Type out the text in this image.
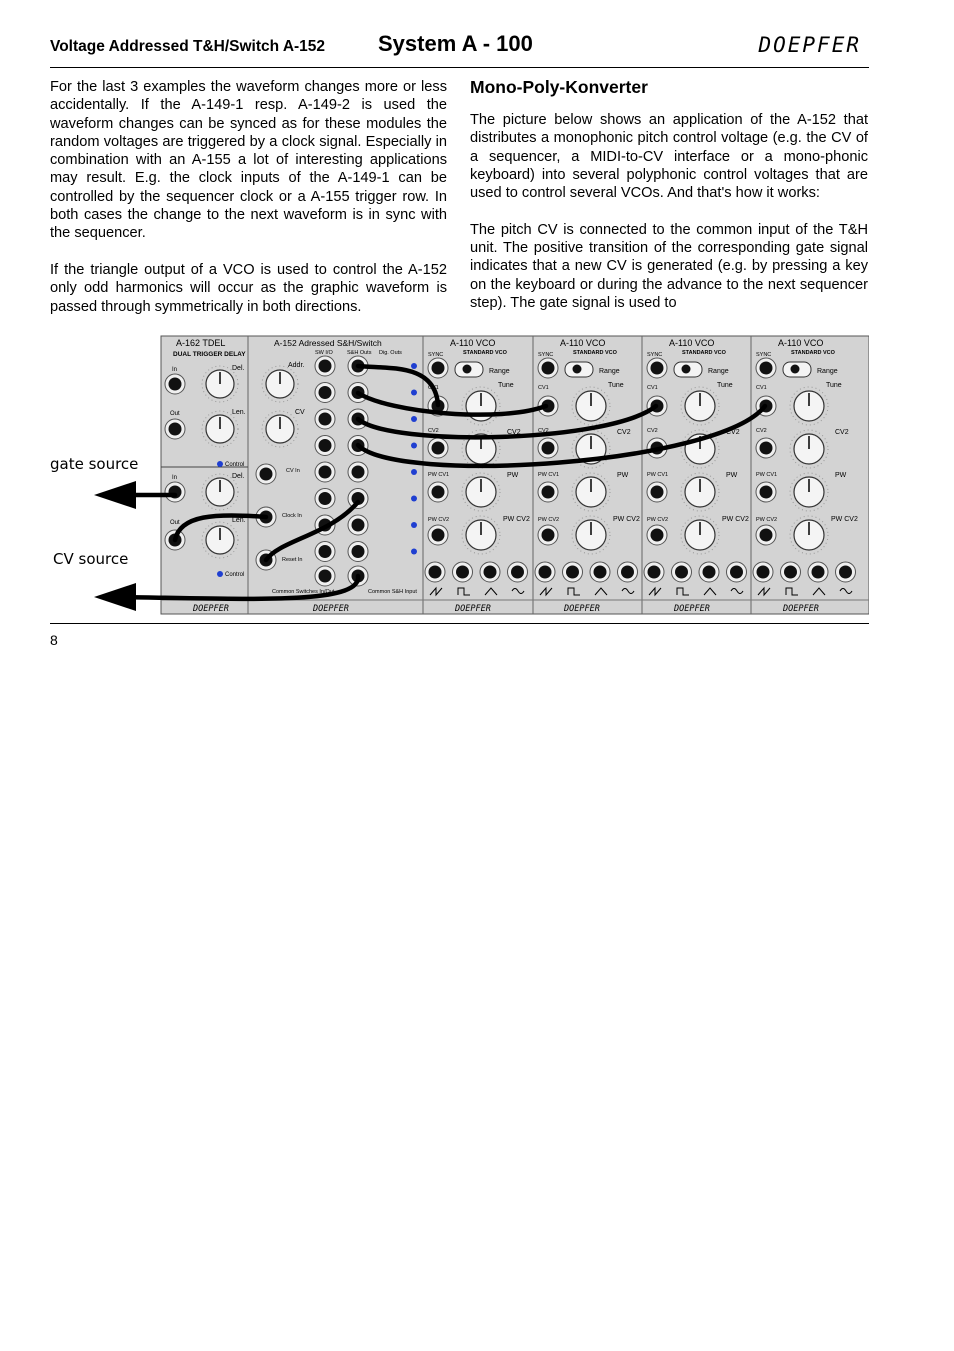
Voltage Addressed T&H/Switch A-152 System A - 100	DOEPFER

For the last 3 examples the waveform changes more or less accidentally. If the A-149-1 resp. A-149-2 is used the waveform changes can be synced as for these modules the random voltages are triggered by a clock signal. Especially in combination with an A-155 a lot of interesting applications may result. E.g. the clock inputs of the A-149-1 can be controlled by the sequencer clock or a A-155 trigger row. In both cases the change to the next waveform is in sync with the sequencer.

If the triangle output of a VCO is used to control the A-152 only odd harmonics will occur as the graphic waveform is passed through symmetrically in both directions.

Mono-Poly-Konverter

The picture below shows an application of the A-152 that distributes a monophonic pitch control voltage (e.g. the CV of a sequencer, a MIDI-to-CV interface or a mono-phonic keyboard) into several polyphonic control voltages that are used to control several VCOs. And that's how it works:

The pitch CV is connected to the common input of the T&H unit. The positive transition of the corresponding gate signal indicates that a new CV is generated (e.g. by pressing a key on the keyboard or during the advance to the next sequencer step). The gate signal is used to

A-162 TDEL
DUAL TRIGGER DELAY
In
Out
Del.
Len.
Control
In
Out
Del.
Len.
Control
A-152 Adressed S&H/Switch
SW I/O	S&H Outs Dig. Outs
Addr.
CV
CV In
Clock In
Reset In
Common Switches In/Out	Common S&H Input
A-110 VCO
STANDARD VCO
SYNC
Range
Tune
CV1
CV2	CV2
PW
PW CV1
PW CV2	PW CV2
A-110 VCO
STANDARD VCO
SYNC
Range
Tune
CV1
CV2	CV2
PW
PW CV1
PW CV2	PW CV2
A-110 VCO
STANDARD VCO
SYNC
Range
Tune
CV1
CV2	CV2
PW
PW CV1
PW CV2	PW CV2
A-110 VCO
STANDARD VCO
SYNC
Range
Tune
CV1
CV2	CV2
PW
PW CV1
PW CV2	PW CV2
gate source
CV source
DOEPFER	DOEPFER	DOEPFER	DOEPFER	DOEPFER	DOEPFER
8
